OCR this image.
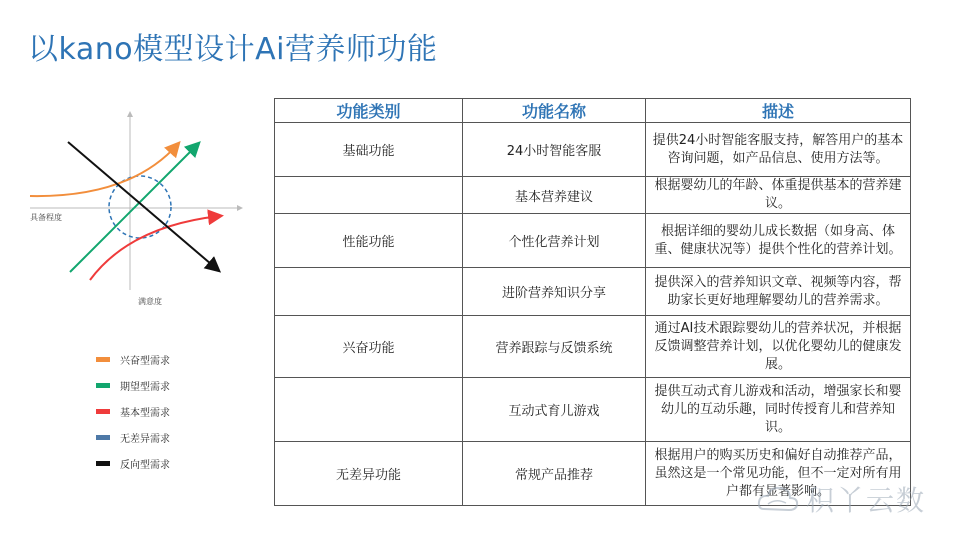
以kano模型设计Ai营养师功能
具备程度
满意度
兴奋型需求
期望型需求
基本型需求
无差异需求
反向型需求
功能类别	功能名称	描述
基础功能	24小时智能客服	提供24小时智能客服支持，解答用户的基本咨询问题，如产品信息、使用方法等。
	基本营养建议	根据婴幼儿的年龄、体重提供基本的营养建议。
性能功能	个性化营养计划	根据详细的婴幼儿成长数据（如身高、体重、健康状况等）提供个性化的营养计划。
	进阶营养知识分享	提供深入的营养知识文章、视频等内容，帮助家长更好地理解婴幼儿的营养需求。
兴奋功能	营养跟踪与反馈系统	通过AI技术跟踪婴幼儿的营养状况，并根据反馈调整营养计划，以优化婴幼儿的健康发展。
	互动式育儿游戏	提供互动式育儿游戏和活动，增强家长和婴幼儿的互动乐趣，同时传授育儿和营养知识。
无差异功能	常规产品推荐	根据用户的购买历史和偏好自动推荐产品，虽然这是一个常见功能，但不一定对所有用户都有显著影响。
积丫云数
